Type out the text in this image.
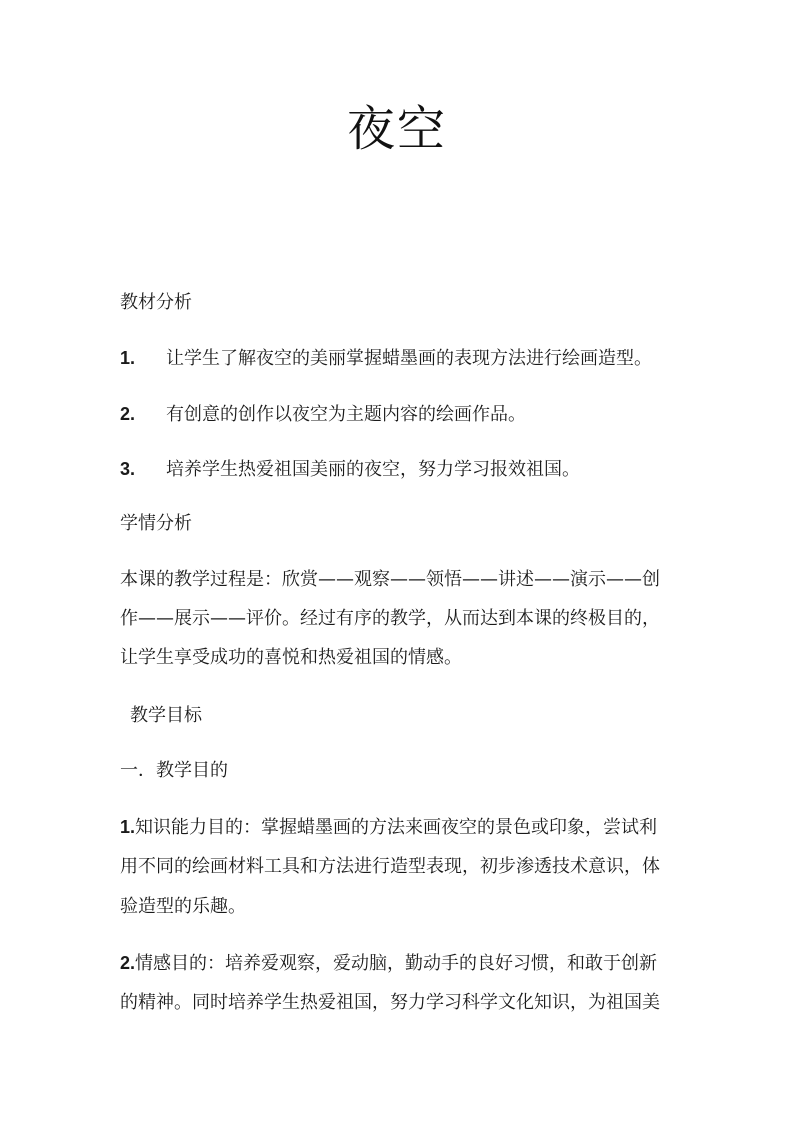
夜空
教材分析
1. 让学生了解夜空的美丽掌握蜡墨画的表现方法进行绘画造型。
2. 有创意的创作以夜空为主题内容的绘画作品。
3. 培养学生热爱祖国美丽的夜空，努力学习报效祖国。
学情分析
本课的教学过程是：欣赏——观察——领悟——讲述——演示——创
作——展示——评价。经过有序的教学，从而达到本课的终极目的，
让学生享受成功的喜悦和热爱祖国的情感。
教学目标
一．教学目的
1.知识能力目的：掌握蜡墨画的方法来画夜空的景色或印象，尝试利
用不同的绘画材料工具和方法进行造型表现，初步渗透技术意识，体
验造型的乐趣。
2.情感目的：培养爱观察，爱动脑，勤动手的良好习惯，和敢于创新
的精神。同时培养学生热爱祖国，努力学习科学文化知识，为祖国美
